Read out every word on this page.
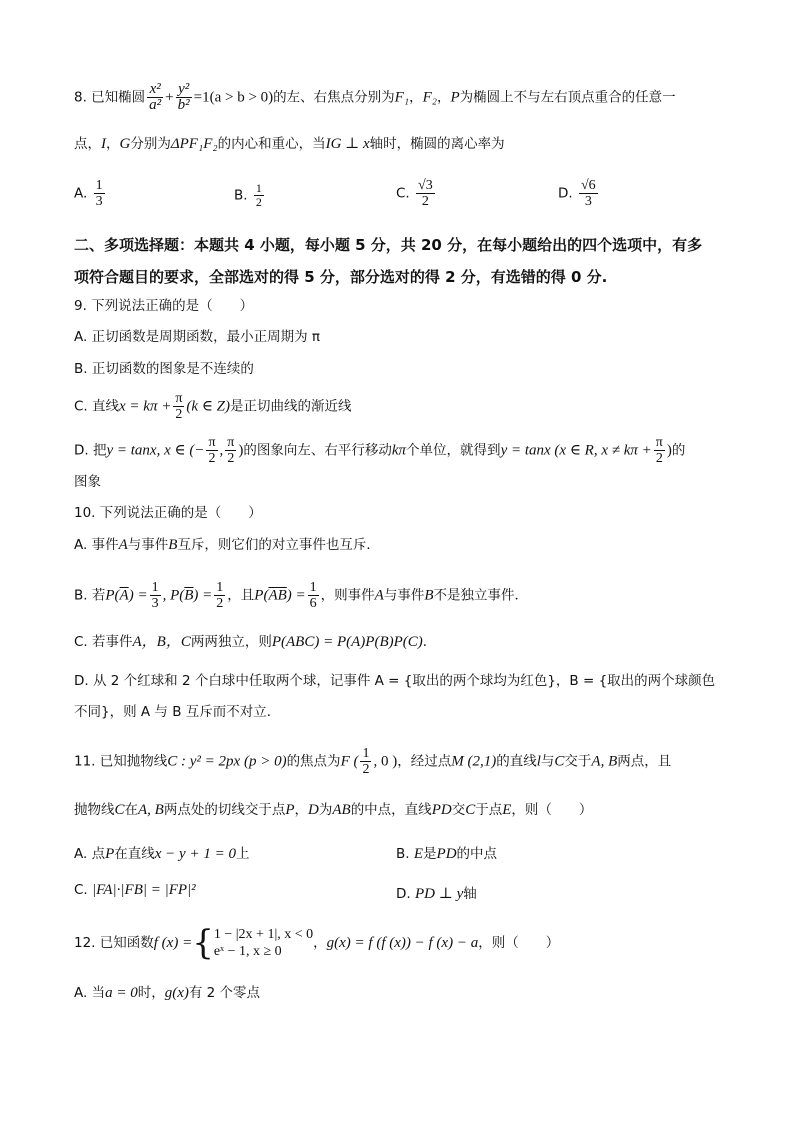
8. 已知椭圆 $\frac{\text{x²}}{\text{a²}} + \frac{\text{y²}}{\text{b²}} =1(a > b > 0)$的左、右焦点分别为F₁，F₂，P为椭圆上不与左右顶点重合的任意一
点，I，G分别为ΔPF₁F₂的内心和重心，当IG ⊥ x轴时，椭圆的离心率为
A. $\frac{1}{3}$	B. $\frac{1}{2}$	C. $\frac{√3}{2}$	D. $\frac{√6}{3}$
二、多项选择题：本题共 4 小题，每小题 5 分，共 20 分，在每小题给出的四个选项中，有多
项符合题目的要求，全部选对的得 5 分，部分选对的得 2 分，有选错的得 0 分.
9. 下列说法正确的是（　　）
A. 正切函数是周期函数，最小正周期为 π
B. 正切函数的图象是不连续的
C. 直线$x = k\pi + \frac{\pi}{2} (k$ ∈ Z)是正切曲线的渐近线
D. 把y = tanx, x ∈ (− $\frac{\pi}{2}$ , $\frac{\pi}{2}$ )的图象向左、右平行移动kπ个单位，就得到y = tanx (x ∈ R, $x \ne k\pi + \frac{\pi}{2}$ )的
图象
10. 下列说法正确的是（　　）
A. 事件A与事件B互斥，则它们的对立事件也互斥．
B. 若$P(\overline{A}) = \frac{1}{3}$ , $P(\overline{B}) = \frac{1}{2}$ ，且$P(\overline{AB}) = \frac{1}{6}$ ，则事件A与事件B不是独立事件．
C. 若事件A，B，C两两独立，则P(ABC) = P(A)P(B)P(C)．
D. 从 2 个红球和 2 个白球中任取两个球，记事件 A = {取出的两个球均为红色}，B = {取出的两个球颜色
不同}，则 A 与 B 互斥而不对立．
11. 已知抛物线C : y² = 2px (p > 0)的焦点为F ( $\frac{1}{2}$ , 0 )，经过点M (2,1)的直线l与C交于A, B两点，且
抛物线C在A, B两点处的切线交于点P，D为AB的中点，直线PD交C于点E，则（　　）
A. 点P在直线x − y + 1 = 0上	B. E是PD的中点
C. |FA|·|FB| = |FP|²	D. PD ⊥ y轴
12. 已知函数f (x) ={ 1 − |2x + 1|, x < 0
eˣ − 1, x ≥ 0
，g(x) = f (f (x)) − f (x) − a，则（　　）
A. 当a = 0时，g(x)有 2 个零点
